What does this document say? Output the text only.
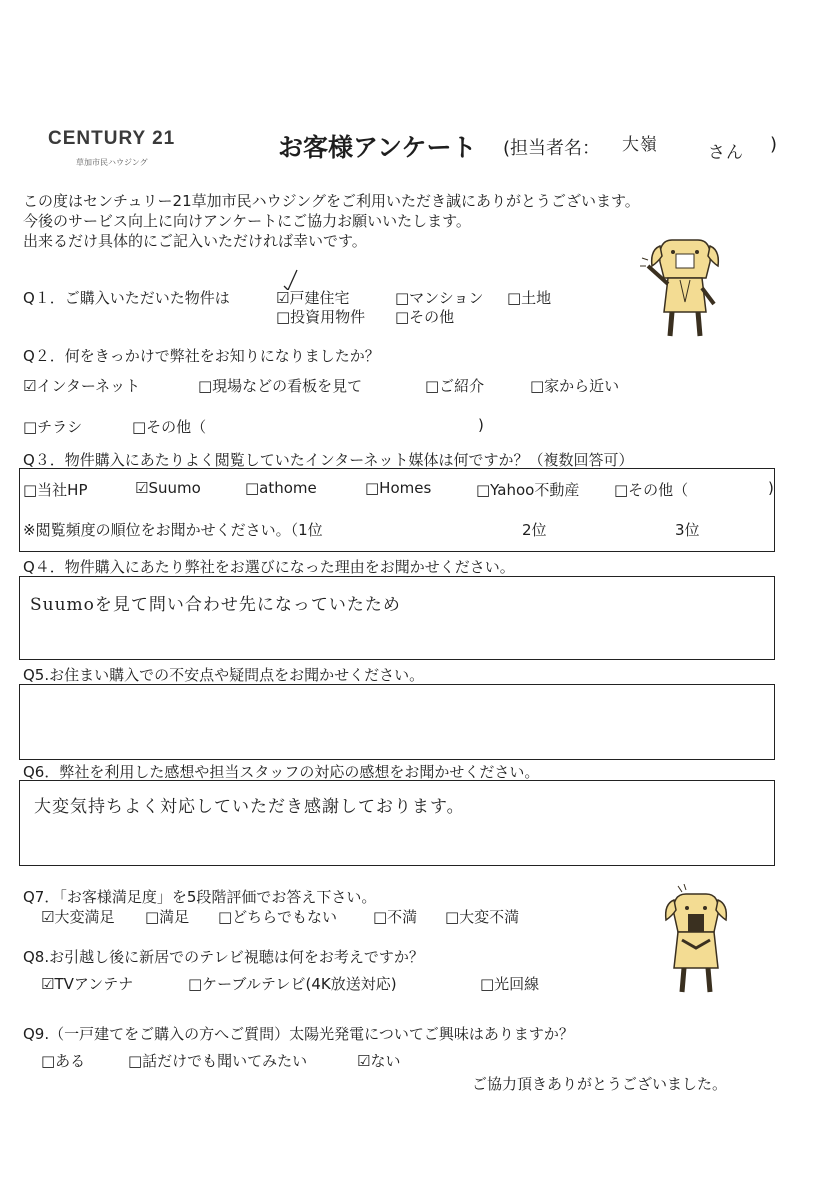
CENTURY 21
草加市民ハウジング
お客様アンケート (担当者名： 大嶺	さん )
この度はセンチュリー21草加市民ハウジングをご利用いただき誠にありがとうございます。
今後のサービス向上に向けアンケートにご協力お願いいたします。
出来るだけ具体的にご記入いただければ幸いです。
Q１．ご購入いただいた物件は	☑戸建住宅	□マンション □土地
□投資用物件 □その他
Q２．何をきっかけで弊社をお知りになりましたか？
☑インターネット	□現場などの看板を見て	□ご紹介	□家から近い
□チラシ	□その他（	)
Q３．物件購入にあたりよく閲覧していたインターネット媒体は何ですか？（複数回答可）
□当社HP	☑Suumo	□athome	□Homes	□Yahoo不動産 □その他（	)
※閲覧頻度の順位をお聞かせください。（1位	2位	3位
Q４．物件購入にあたり弊社をお選びになった理由をお聞かせください。
Suumoを見て問い合わせ先になっていたため
Q5.お住まい購入での不安点や疑問点をお聞かせください。
Q6．弊社を利用した感想や担当スタッフの対応の感想をお聞かせください。
大変気持ちよく対応していただき感謝しております。
Q7．「お客様満足度」を5段階評価でお答え下さい。
☑大変満足 □満足 □どちらでもない □不満 □大変不満
Q8.お引越し後に新居でのテレビ視聴は何をお考えですか？
☑TVアンテナ	□ケーブルテレビ(4K放送対応)	□光回線
Q9.（一戸建てをご購入の方へご質問）太陽光発電についてご興味はありますか？
□ある	□話だけでも聞いてみたい	☑ない
ご協力頂きありがとうございました。
